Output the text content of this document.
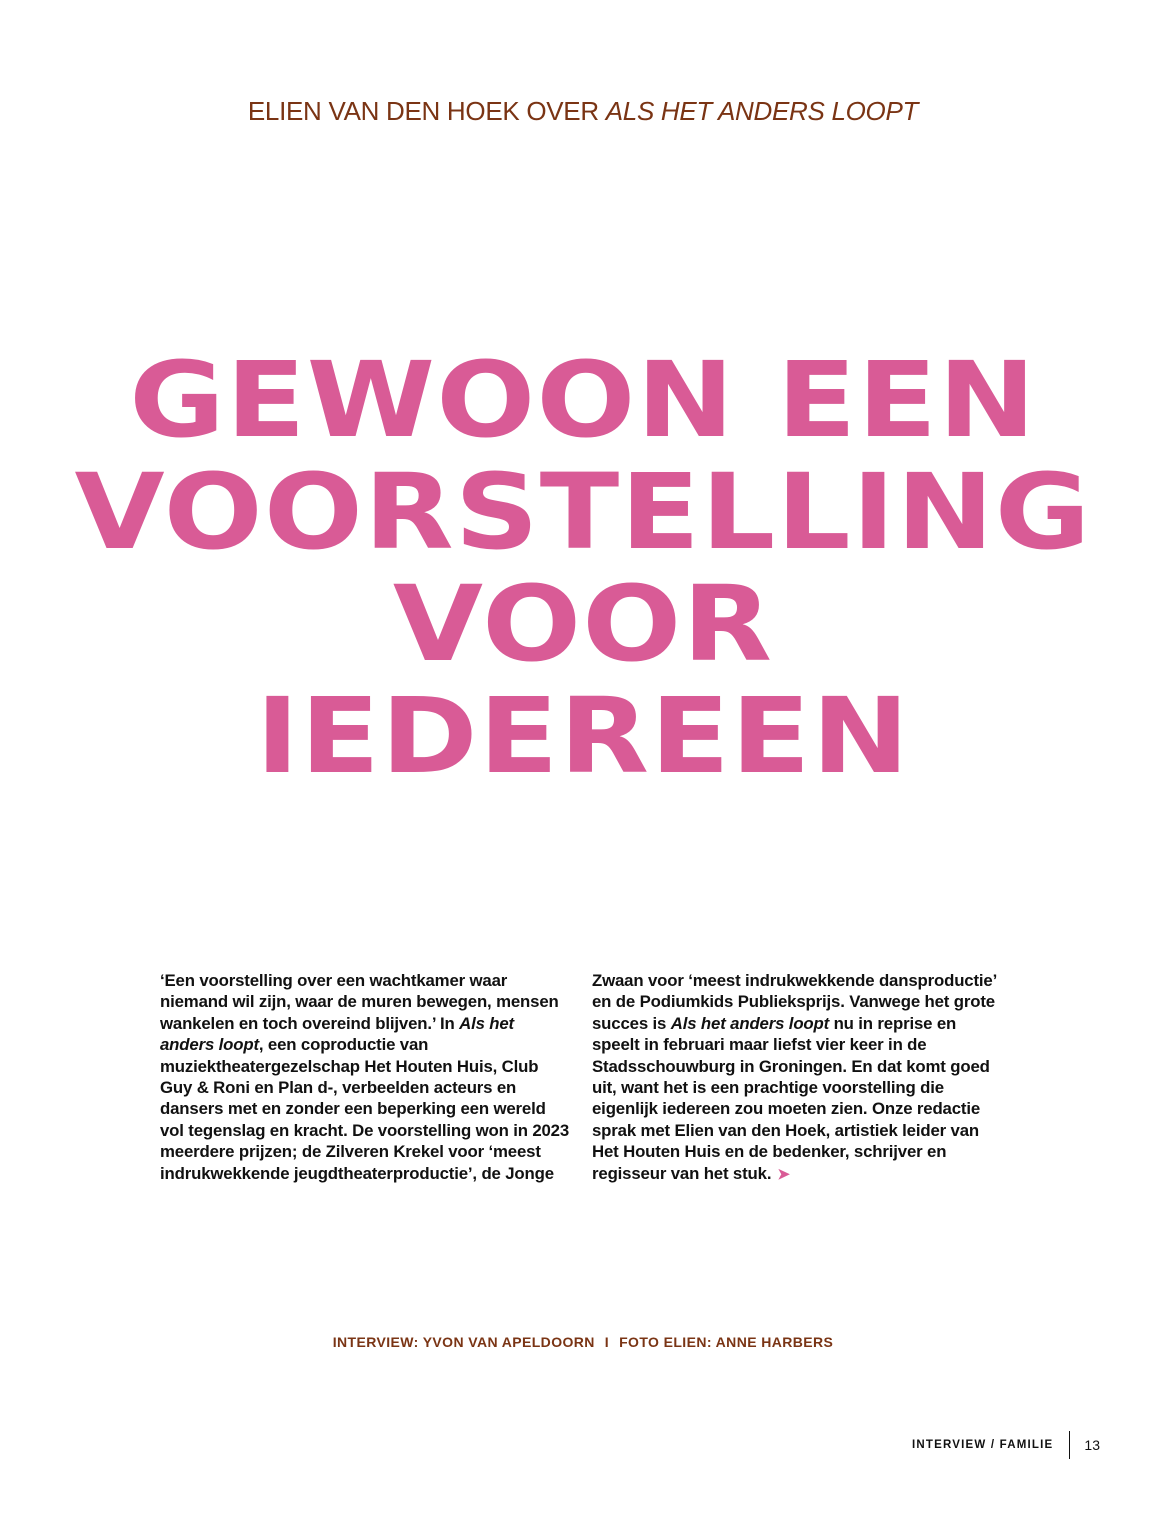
ELIEN VAN DEN HOEK OVER ALS HET ANDERS LOOPT
GEWOON EEN
VOORSTELLING
VOOR
IEDEREEN
‘Een voorstelling over een wachtkamer waar niemand wil zijn, waar de muren bewegen, mensen wankelen en toch overeind blijven.’ In Als het anders loopt, een coproductie van muziektheatergezelschap Het Houten Huis, Club Guy & Roni en Plan d-, verbeelden acteurs en dansers met en zonder een beperking een wereld vol tegenslag en kracht. De voorstelling won in 2023 meerdere prijzen; de Zilveren Krekel voor ‘meest indrukwekkende jeugdtheaterproductie’, de Jonge Zwaan voor ‘meest indrukwekkende dansproductie’ en de Podiumkids Publieksprijs. Vanwege het grote succes is Als het anders loopt nu in reprise en speelt in februari maar liefst vier keer in de Stadsschouwburg in Groningen. En dat komt goed uit, want het is een prachtige voorstelling die eigenlijk iedereen zou moeten zien. Onze redactie sprak met Elien van den Hoek, artistiek leider van Het Houten Huis en de bedenker, schrijver en regisseur van het stuk. ➤
INTERVIEW: YVON VAN APELDOORN I FOTO ELIEN: ANNE HARBERS
INTERVIEW / FAMILIE 13
